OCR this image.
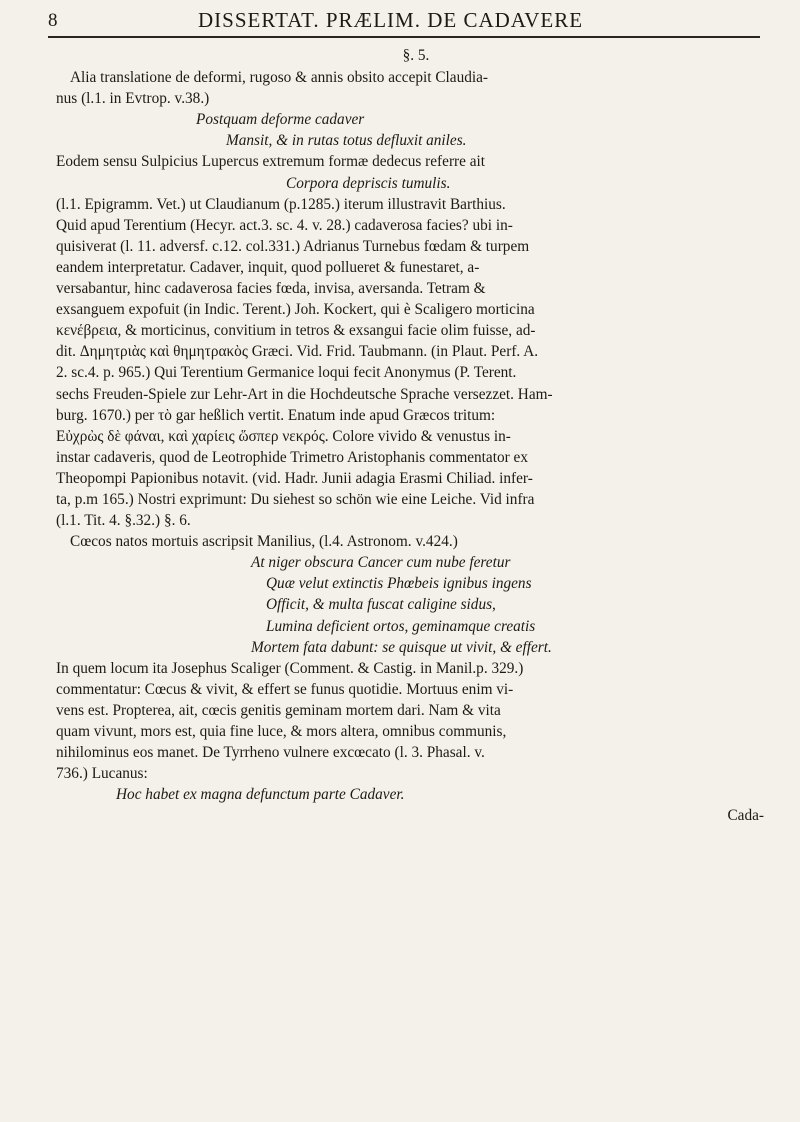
8	DISSERTAT. PRÆLIM. DE CADAVERE
§. 5.
Alia translatione de deformi, rugoso & annis obsito accepit Claudia-
nus (l.1. in Evtrop. v.38.)
Postquam deforme cadaver
Mansit, & in rutas totus defluxit aniles.
Eodem sensu Sulpicius Lupercus extremum formæ dedecus referre ait
Corpora depriscis tumulis.
(l.1. Epigramm. Vet.) ut Claudianum (p.1285.) iterum illustravit Barthius.
Quid apud Terentium (Hecyr. act.3. sc. 4. v. 28.) cadaverosa facies? ubi in-
quisiverat (l. 11. adversf. c.12. col.331.) Adrianus Turnebus fœdam & turpem
eandem interpretatur. Cadaver, inquit, quod pollueret & funestaret, a-
versabantur, hinc cadaverosa facies fœda, invisa, aversanda. Tetram &
exsanguem expofuit (in Indic. Terent.) Joh. Kockert, qui è Scaligero morticina
κενέβρεια, & morticinus, convitium in tetros & exsangui facie olim fuisse, ad-
dit. Δημητριὰς καὶ θημητρακὸς Græci. Vid. Frid. Taubmann. (in Plaut. Perf. A.
2. sc.4. p. 965.) Qui Terentium Germanice loqui fecit Anonymus (P. Terent.
sechs Freuden-Spiele zur Lehr-Art in die Hochdeutsche Sprache versezzet. Ham-
burg. 1670.) per τὸ gar heßlich vertit. Enatum inde apud Græcos tritum:
Εὐχρὼς δὲ φάναι, καὶ χαρίεις ὥσπερ νεκρός. Colore vivido & venustus in-
instar cadaveris, quod de Leotrophide Trimetro Aristophanis commentator ex
Theopompi Papionibus notavit. (vid. Hadr. Junii adagia Erasmi Chiliad. infer-
ta, p.m 165.) Nostri exprimunt: Du siehest so schön wie eine Leiche. Vid infra
(l.1. Tit. 4. §.32.) §. 6.
Cœcos natos mortuis ascripsit Manilius, (l.4. Astronom. v.424.)
At niger obscura Cancer cum nube feretur
Quæ velut extinctis Phœbeis ignibus ingens
Officit, & multa fuscat caligine sidus,
Lumina deficient ortos, geminamque creatis
Mortem fata dabunt: se quisque ut vivit, & effert.
In quem locum ita Josephus Scaliger (Comment. & Castig. in Manil.p. 329.)
commentatur: Cœcus & vivit, & effert se funus quotidie. Mortuus enim vi-
vens est. Propterea, ait, cœcis genitis geminam mortem dari. Nam & vita
quam vivunt, mors est, quia fine luce, & mors altera, omnibus communis,
nihilominus eos manet. De Tyrrheno vulnere excœcato (l. 3. Phasal. v.
736.) Lucanus:
Hoc habet ex magna defunctum parte Cadaver.
Cada-
